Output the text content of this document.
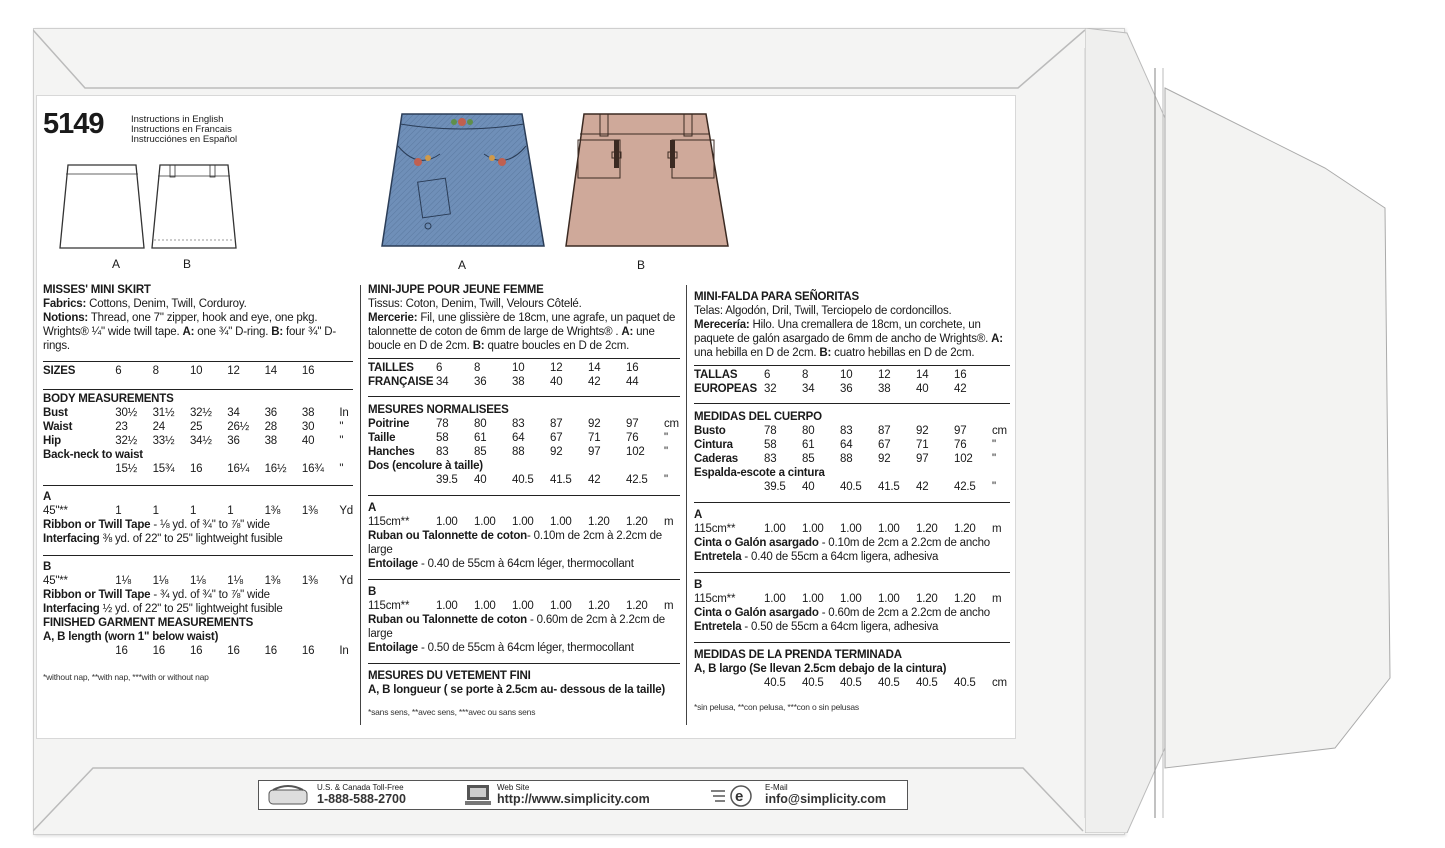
5149	Instructions in English
Instructions en Francais
Instrucciónes en Español
A	B	A	B
MISSES' MINI SKIRT
Fabrics: Cottons, Denim, Twill, Corduroy.
Notions: Thread, one 7" zipper, hook and eye, one pkg. Wrights® ¼" wide twill tape. A: one ¾" D-ring. B: four ¾" D-rings.
SIZES	6	8	10	12	14	16	

BODY MEASUREMENTS							
Bust	30½	31½	32½	34	36	38	In
Waist	23	24	25	26½	28	30	"
Hip	32½	33½	34½	36	38	40	"
Back-neck to waist							
	15½	15¾	16	16¼	16½	16¾	"

A							
45"**	1	1	1	1	1⅜	1⅜	Yd
Ribbon or Twill Tape - ⅛ yd. of ¾" to ⅞" wide							
Interfacing ⅜ yd. of 22" to 25" lightweight fusible							

B							
45"**	1⅛	1⅛	1⅛	1⅛	1⅜	1⅜	Yd
Ribbon or Twill Tape - ¾ yd. of ¾" to ⅞" wide							
Interfacing ½ yd. of 22" to 25" lightweight fusible							
FINISHED GARMENT MEASUREMENTS							
A, B length (worn 1" below waist)							
	16	16	16	16	16	16	In
*without nap, **with nap, ***with or without nap
MINI-JUPE POUR JEUNE FEMME
Tissus: Coton, Denim, Twill, Velours Côtelé.
Mercerie: Fil, une glissière de 18cm, une agrafe, un paquet de talonnette de coton de 6mm de large de Wrights® . A: une boucle en D de 2cm. B: quatre boucles en D de 2cm.
TAILLES	6	8	10	12	14	16	
FRANÇAISE	34	36	38	40	42	44	

MESURES NORMALISEES							
Poitrine	78	80	83	87	92	97	cm
Taille	58	61	64	67	71	76	"
Hanches	83	85	88	92	97	102	"
Dos (encolure à taille)							
	39.5	40	40.5	41.5	42	42.5	"

A							
115cm**	1.00	1.00	1.00	1.00	1.20	1.20	m
Ruban ou Talonnette de coton- 0.10m de 2cm à 2.2cm de large							
Entoilage - 0.40 de 55cm à 64cm léger, thermocollant							

B							
115cm**	1.00	1.00	1.00	1.00	1.20	1.20	m
Ruban ou Talonnette de coton - 0.60m de 2cm à 2.2cm de large							
Entoilage - 0.50 de 55cm à 64cm léger, thermocollant							

MESURES DU VETEMENT FINI							
A, B longueur ( se porte à 2.5cm au- dessous de la taille)							
*sans sens, **avec sens, ***avec ou sans sens
MINI-FALDA PARA SEÑORITAS
Telas: Algodón, Dril, Twill, Terciopelo de cordoncillos.
Merecería: Hilo. Una cremallera de 18cm, un corchete, un paquete de galón asargado de 6mm de ancho de Wrights®. A: una hebilla en D de 2cm. B: cuatro hebillas en D de 2cm.
TALLAS	6	8	10	12	14	16	
EUROPEAS	32	34	36	38	40	42	

MEDIDAS DEL CUERPO							
Busto	78	80	83	87	92	97	cm
Cintura	58	61	64	67	71	76	"
Caderas	83	85	88	92	97	102	"
Espalda-escote a cintura							
	39.5	40	40.5	41.5	42	42.5	"

A							
115cm**	1.00	1.00	1.00	1.00	1.20	1.20	m
Cinta o Galón asargado - 0.10m de 2cm a 2.2cm de ancho							
Entretela - 0.40 de 55cm a 64cm ligera, adhesiva							

B							
115cm**	1.00	1.00	1.00	1.00	1.20	1.20	m
Cinta o Galón asargado - 0.60m de 2cm a 2.2cm de ancho							
Entretela - 0.50 de 55cm a 64cm ligera, adhesiva							

MEDIDAS DE LA PRENDA TERMINADA							
A, B largo (Se llevan 2.5cm debajo de la cintura)							
	40.5	40.5	40.5	40.5	40.5	40.5	cm
*sin pelusa, **con pelusa, ***con o sin pelusas
U.S. & Canada Toll-Free
1-888-588-2700
Web Site
http://www.simplicity.com	e
E-Mail
info@simplicity.com
